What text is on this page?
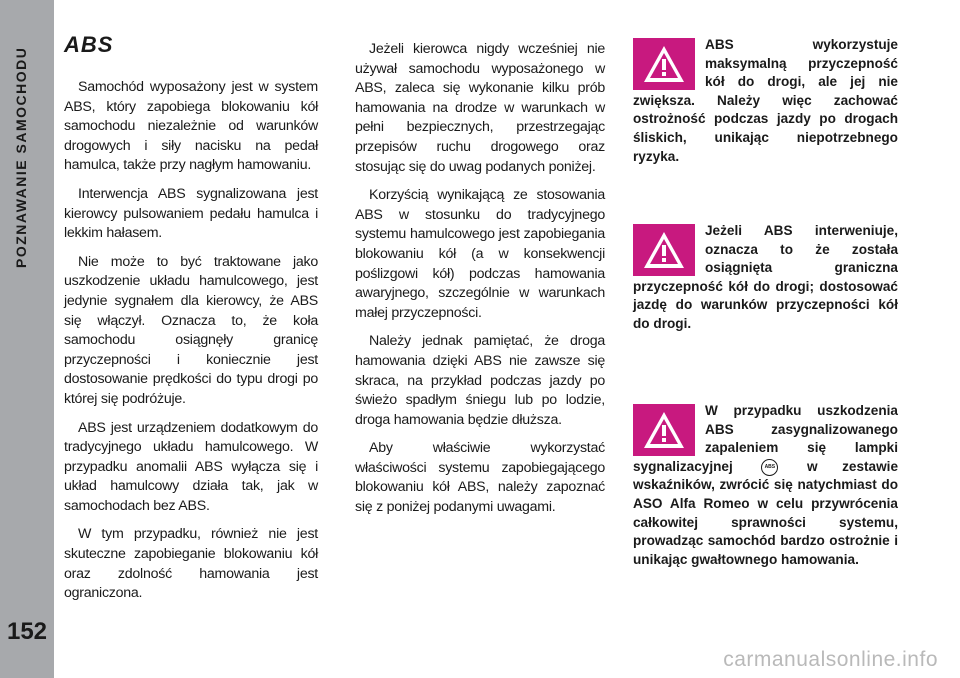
POZNAWANIE SAMOCHODU
152
ABS

Samochód wyposażony jest w system ABS, który zapobiega blokowaniu kół samochodu niezależnie od warunków drogowych i siły nacisku na pedał hamulca, także przy nagłym hamowaniu.

Interwencja ABS sygnalizowana jest kierowcy pulsowaniem pedału hamulca i lekkim hałasem.

Nie może to być traktowane jako uszkodzenie układu hamulcowego, jest jedynie sygnałem dla kierowcy, że ABS się włączył. Oznacza to, że koła samochodu osiągnęły granicę przyczepności i koniecznie jest dostosowanie prędkości do typu drogi po której się podróżuje.

ABS jest urządzeniem dodatkowym do tradycyjnego układu hamulcowego. W przypadku anomalii ABS wyłącza się i układ hamulcowy działa tak, jak w samochodach bez ABS.

W tym przypadku, również nie jest skuteczne zapobieganie blokowaniu kół oraz zdolność hamowania jest ograniczona.

Jeżeli kierowca nigdy wcześniej nie używał samochodu wyposażonego w ABS, zaleca się wykonanie kilku prób hamowania na drodze w warunkach w pełni bezpiecznych, przestrzegając przepisów ruchu drogowego oraz stosując się do uwag podanych poniżej.

Korzyścią wynikającą ze stosowania ABS w stosunku do tradycyjnego systemu hamulcowego jest zapobiegania blokowaniu kół (a w konsekwencji poślizgowi kół) podczas hamowania awaryjnego, szczególnie w warunkach małej przyczepności.

Należy jednak pamiętać, że droga hamowania dzięki ABS nie zawsze się skraca, na przykład podczas jazdy po świeżo spadłym śniegu lub po lodzie, droga hamowania będzie dłuższa.

Aby właściwie wykorzystać właściwości systemu zapobiegającego blokowaniu kół ABS, należy zapoznać się z poniżej podanymi uwagami.

ABS wykorzystuje maksymalną przyczepność kół do drogi, ale jej nie zwiększa. Należy więc zachować ostrożność podczas jazdy po drogach śliskich, unikając niepotrzebnego ryzyka.
Jeżeli ABS interweniuje, oznacza to że została osiągnięta graniczna przyczepność kół do drogi; dostosować jazdę do warunków przyczepności kół do drogi.
W przypadku uszkodzenia ABS zasygnalizowanego zapaleniem się lampki sygnalizacyjnej	ABS w zestawie wskaźników, zwrócić się natychmiast do ASO Alfa Romeo w celu przywrócenia całkowitej sprawności systemu, prowadząc samochód bardzo ostrożnie i unikając gwałtownego hamowania.
carmanualsonline.info
